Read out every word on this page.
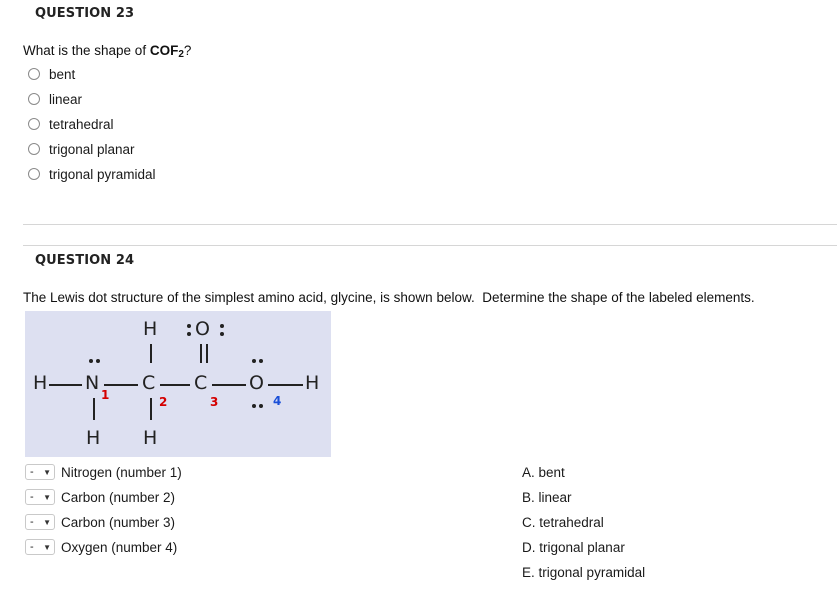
QUESTION 23
What is the shape of $COF_2$?
bent
linear
tetrahedral
trigonal planar
trigonal pyramidal
QUESTION 24
The Lewis dot structure of the simplest amino acid, glycine, is shown below.  Determine the shape of the labeled elements.
H O
H N
1
C
2
C
3
O
4
H
H H
- ▼ Nitrogen (number 1)
- ▼ Carbon (number 2)
- ▼ Carbon (number 3)
- ▼ Oxygen (number 4)
A. bent
B. linear
C. tetrahedral
D. trigonal planar
E. trigonal pyramidal
